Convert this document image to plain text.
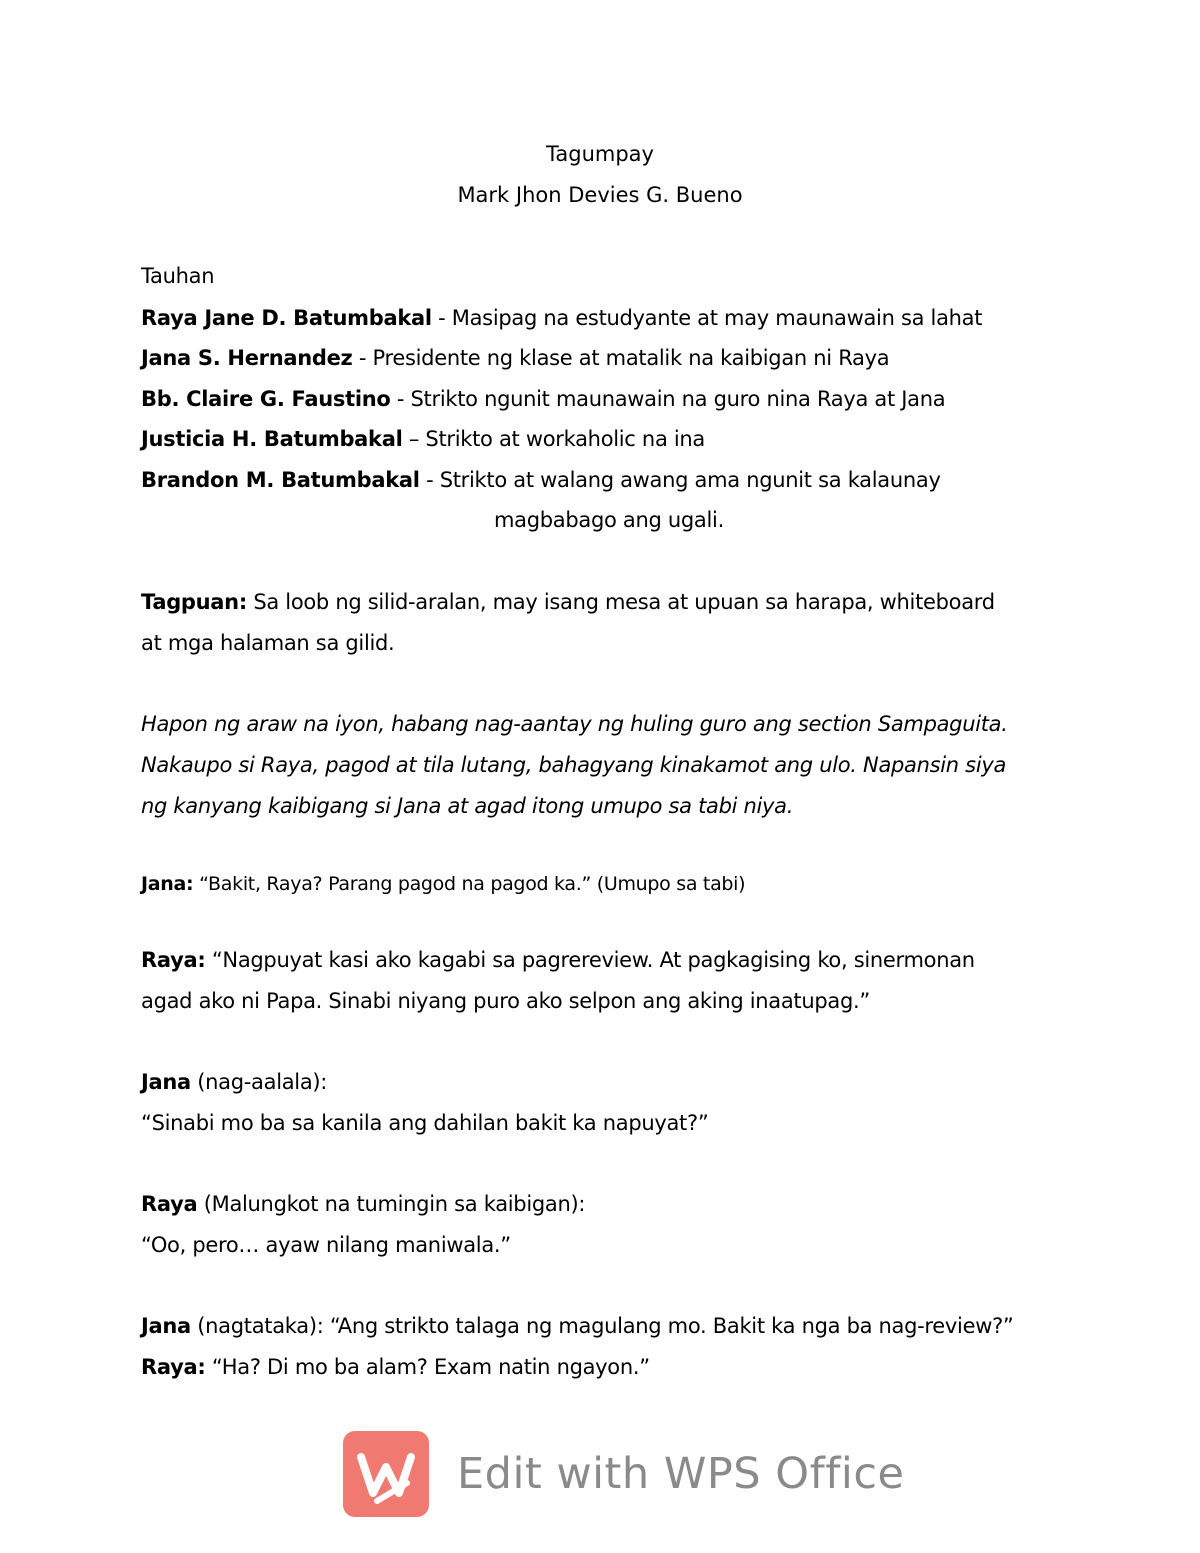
Tagumpay
Mark Jhon Devies G. Bueno
Tauhan
Raya Jane D. Batumbakal - Masipag na estudyante at may maunawain sa lahat
Jana S. Hernandez - Presidente ng klase at matalik na kaibigan ni Raya
Bb. Claire G. Faustino - Strikto ngunit maunawain na guro nina Raya at Jana
Justicia H. Batumbakal – Strikto at workaholic na ina
Brandon M. Batumbakal - Strikto at walang awang ama ngunit sa kalaunay
magbabago ang ugali.
Tagpuan: Sa loob ng silid-aralan, may isang mesa at upuan sa harapa, whiteboard
at mga halaman sa gilid.
Hapon ng araw na iyon, habang nag-aantay ng huling guro ang section Sampaguita.
Nakaupo si Raya, pagod at tila lutang, bahagyang kinakamot ang ulo. Napansin siya
ng kanyang kaibigang si Jana at agad itong umupo sa tabi niya.
Jana: “Bakit, Raya? Parang pagod na pagod ka.” (Umupo sa tabi)
Raya: “Nagpuyat kasi ako kagabi sa pagrereview. At pagkagising ko, sinermonan
agad ako ni Papa. Sinabi niyang puro ako selpon ang aking inaatupag.”
Jana (nag-aalala):
“Sinabi mo ba sa kanila ang dahilan bakit ka napuyat?”
Raya (Malungkot na tumingin sa kaibigan):
“Oo, pero… ayaw nilang maniwala.”
Jana (nagtataka): “Ang strikto talaga ng magulang mo. Bakit ka nga ba nag-review?”
Raya: “Ha? Di mo ba alam? Exam natin ngayon.”
Edit with WPS Office
